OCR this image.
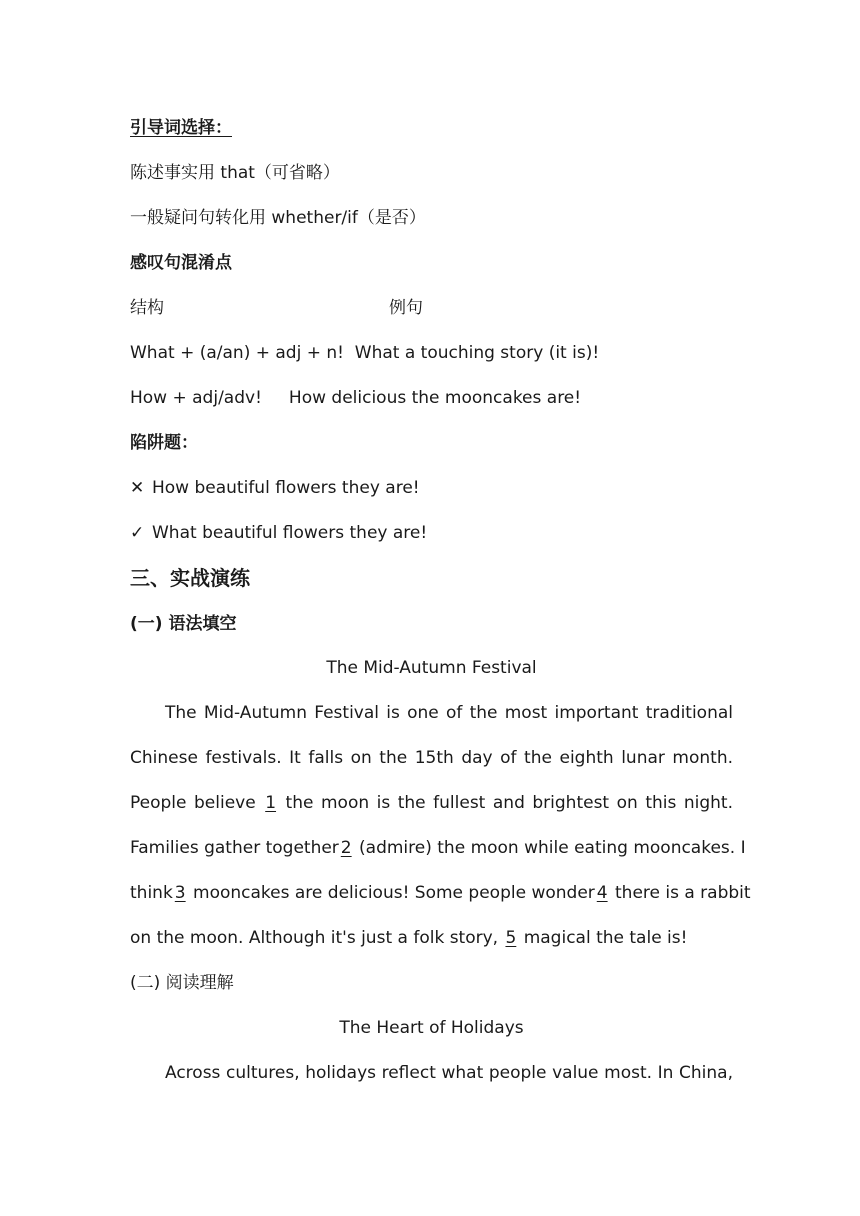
引导词选择：
陈述事实用 that（可省略）
一般疑问句转化用 whether/if（是否）
感叹句混淆点
结构	例句
What + (a/an) + adj + n! What a touching story (it is)!
How + adj/adv! How delicious the mooncakes are!
陷阱题：
✕ How beautiful flowers they are!
✓ What beautiful flowers they are!
三、实战演练
(一) 语法填空
The Mid-Autumn Festival
The Mid-Autumn Festival is one of the most important traditional
Chinese festivals. It falls on the 15th day of the eighth lunar month.
People believe 1 the moon is the fullest and brightest on this night.
Families gather together 2 (admire) the moon while eating mooncakes. I
think 3 mooncakes are delicious! Some people wonder 4 there is a rabbit
on the moon. Although it's just a folk story, 5 magical the tale is!
(二) 阅读理解
The Heart of Holidays
Across cultures, holidays reflect what people value most. In China,
